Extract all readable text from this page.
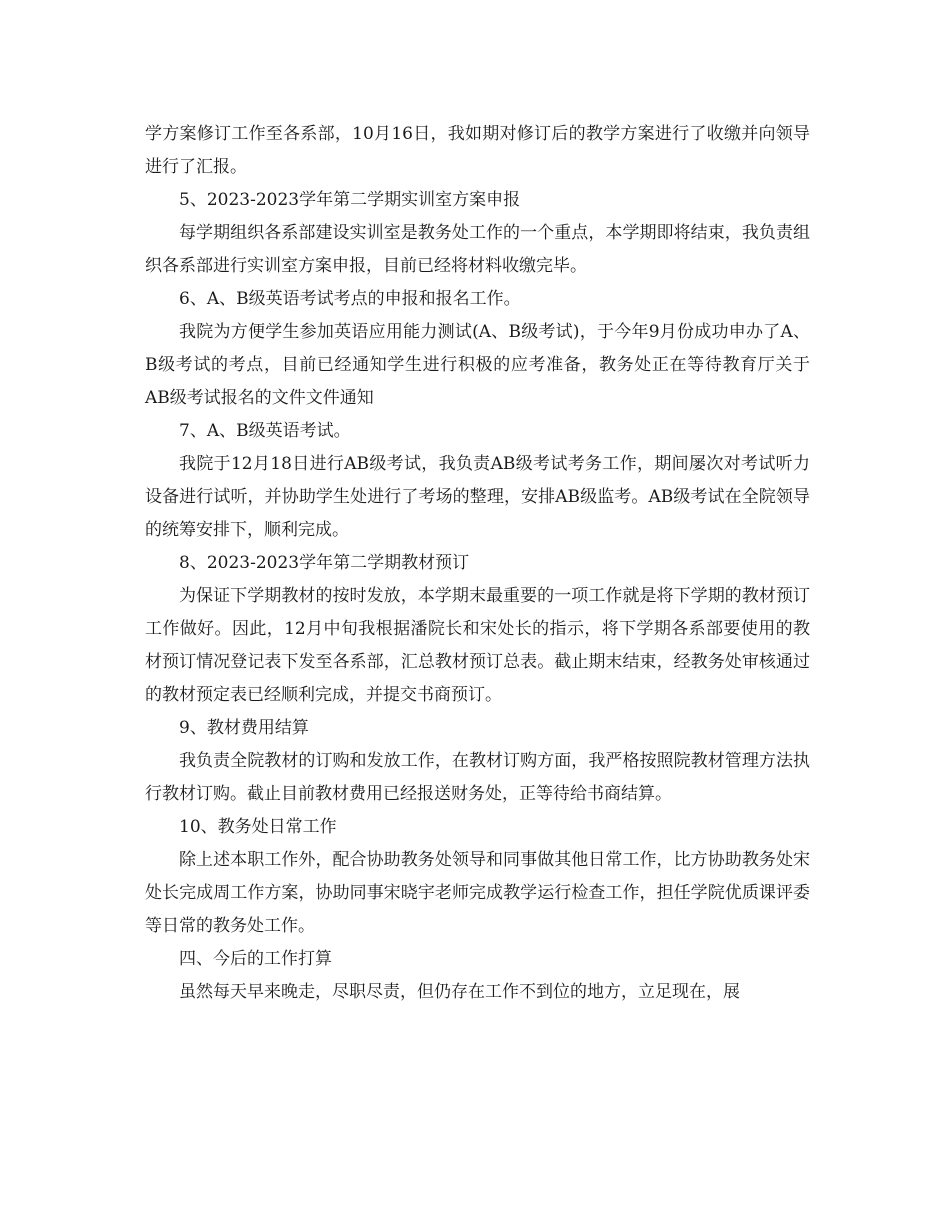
学方案修订工作至各系部，10月16日，我如期对修订后的教学方案进行了收缴并向领导进行了汇报。

5、2023-2023学年第二学期实训室方案申报

每学期组织各系部建设实训室是教务处工作的一个重点，本学期即将结束，我负责组织各系部进行实训室方案申报，目前已经将材料收缴完毕。

6、A、B级英语考试考点的申报和报名工作。

我院为方便学生参加英语应用能力测试(A、B级考试)，于今年9月份成功申办了A、B级考试的考点，目前已经通知学生进行积极的应考准备，教务处正在等待教育厅关于AB级考试报名的文件文件通知

7、A、B级英语考试。

我院于12月18日进行AB级考试，我负责AB级考试考务工作，期间屡次对考试听力设备进行试听，并协助学生处进行了考场的整理，安排AB级监考。AB级考试在全院领导的统筹安排下，顺利完成。

8、2023-2023学年第二学期教材预订

为保证下学期教材的按时发放，本学期末最重要的一项工作就是将下学期的教材预订工作做好。因此，12月中旬我根据潘院长和宋处长的指示，将下学期各系部要使用的教材预订情况登记表下发至各系部，汇总教材预订总表。截止期末结束，经教务处审核通过的教材预定表已经顺利完成，并提交书商预订。

9、教材费用结算

我负责全院教材的订购和发放工作，在教材订购方面，我严格按照院教材管理方法执行教材订购。截止目前教材费用已经报送财务处，正等待给书商结算。

10、教务处日常工作

除上述本职工作外，配合协助教务处领导和同事做其他日常工作，比方协助教务处宋处长完成周工作方案，协助同事宋晓宇老师完成教学运行检查工作，担任学院优质课评委等日常的教务处工作。

四、今后的工作打算

虽然每天早来晚走，尽职尽责，但仍存在工作不到位的地方，立足现在，展
